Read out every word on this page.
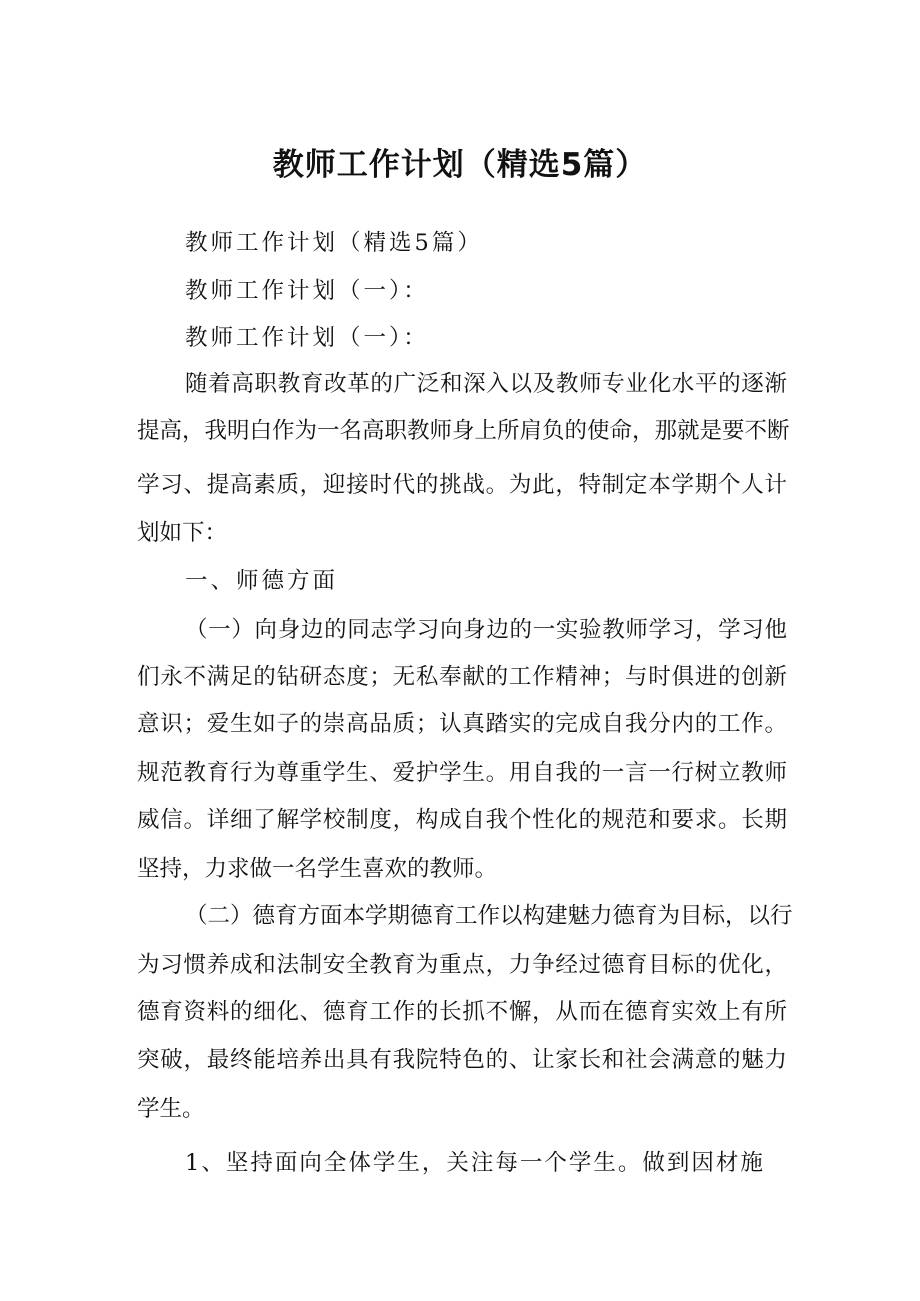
教师工作计划（精选5篇）
教师工作计划（精选5篇）
教师工作计划（一）：
教师工作计划（一）：
随着高职教育改革的广泛和深入以及教师专业化水平的逐渐
提高，我明白作为一名高职教师身上所肩负的使命，那就是要不断
学习、提高素质，迎接时代的挑战。为此，特制定本学期个人计
划如下：
一、师德方面
（一）向身边的同志学习向身边的一实验教师学习，学习他
们永不满足的钻研态度；无私奉献的工作精神；与时俱进的创新
意识；爱生如子的崇高品质；认真踏实的完成自我分内的工作。
规范教育行为尊重学生、爱护学生。用自我的一言一行树立教师
威信。详细了解学校制度，构成自我个性化的规范和要求。长期
坚持，力求做一名学生喜欢的教师。
（二）德育方面本学期德育工作以构建魅力德育为目标，以行
为习惯养成和法制安全教育为重点，力争经过德育目标的优化，
德育资料的细化、德育工作的长抓不懈，从而在德育实效上有所
突破，最终能培养出具有我院特色的、让家长和社会满意的魅力
学生。
1、坚持面向全体学生，关注每一个学生。做到因材施
